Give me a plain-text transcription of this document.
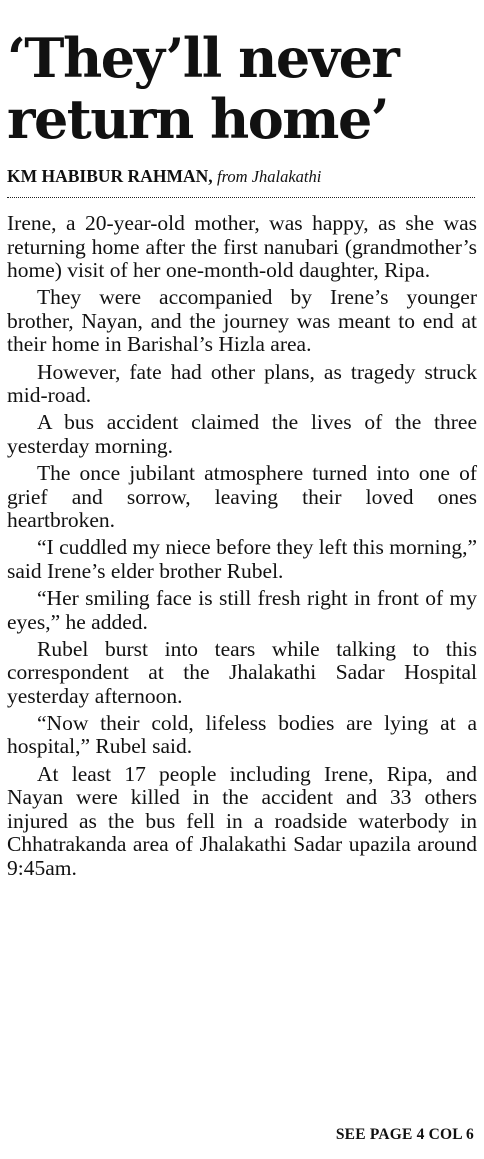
‘They’ll never
return home’
KM HABIBUR RAHMAN, from Jhalakathi

Irene, a 20-year-old mother, was happy, as she was returning home after the first nanubari (grandmother’s home) visit of her one-month-old daughter, Ripa.

They were accompanied by Irene’s younger brother, Nayan, and the journey was meant to end at their home in Barishal’s Hizla area.

However, fate had other plans, as tragedy struck mid-road.

A bus accident claimed the lives of the three yesterday morning.

The once jubilant atmosphere turned into one of grief and sorrow, leaving their loved ones heartbroken.

“I cuddled my niece before they left this morning,” said Irene’s elder brother Rubel.

“Her smiling face is still fresh right in front of my eyes,” he added.

Rubel burst into tears while talking to this correspondent at the Jhalakathi Sadar Hospital yesterday afternoon.

“Now their cold, lifeless bodies are lying at a hospital,” Rubel said.

At least 17 people including Irene, Ripa, and Nayan were killed in the accident and 33 others injured as the bus fell in a roadside waterbody in Chhatrakanda area of Jhalakathi Sadar upazila around 9:45am.

SEE PAGE 4 COL 6
